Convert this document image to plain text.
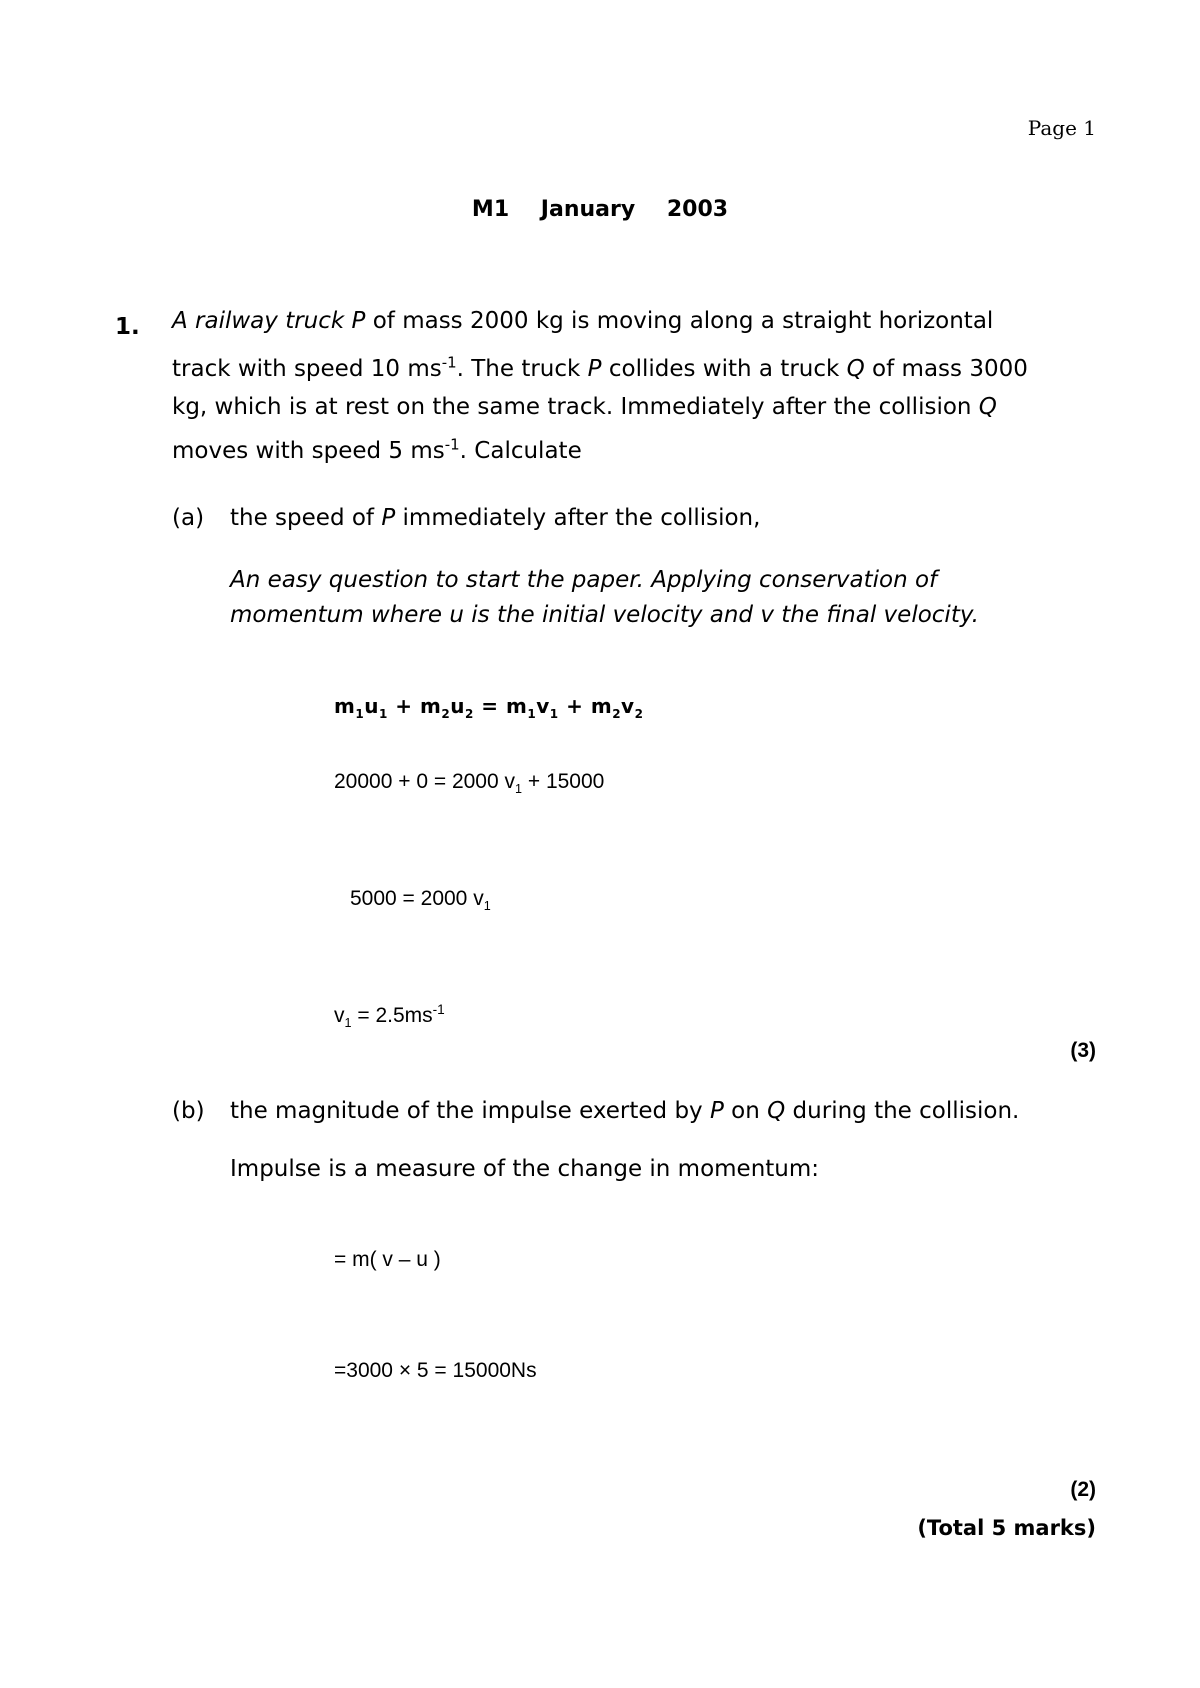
Page 1
M1 January 2003
1. A railway truck P of mass 2000 kg is moving along a straight horizontal
track with speed 10 $ms^{-1}$. The truck P collides with a truck Q of mass 3000
kg, which is at rest on the same track. Immediately after the collision Q
moves with speed 5 $ms^{-1}$. Calculate
(a) the speed of P immediately after the collision,
An easy question to start the paper. Applying conservation of
momentum where u is the initial velocity and v the final velocity.
$m_1u_1 + m_2u_2 = m_1v_1 + m_2v_2$
20000 + 0 = 2000 $v_1 + 15000$
5000 = 2000 $v_1$
$v_1 = 2.5ms^{-1}$
(3)
(b) the magnitude of the impulse exerted by P on Q during the collision.
Impulse is a measure of the change in momentum:
= m( v – u )
=3000 × 5 = 15000Ns
(2)
(Total 5 marks)
